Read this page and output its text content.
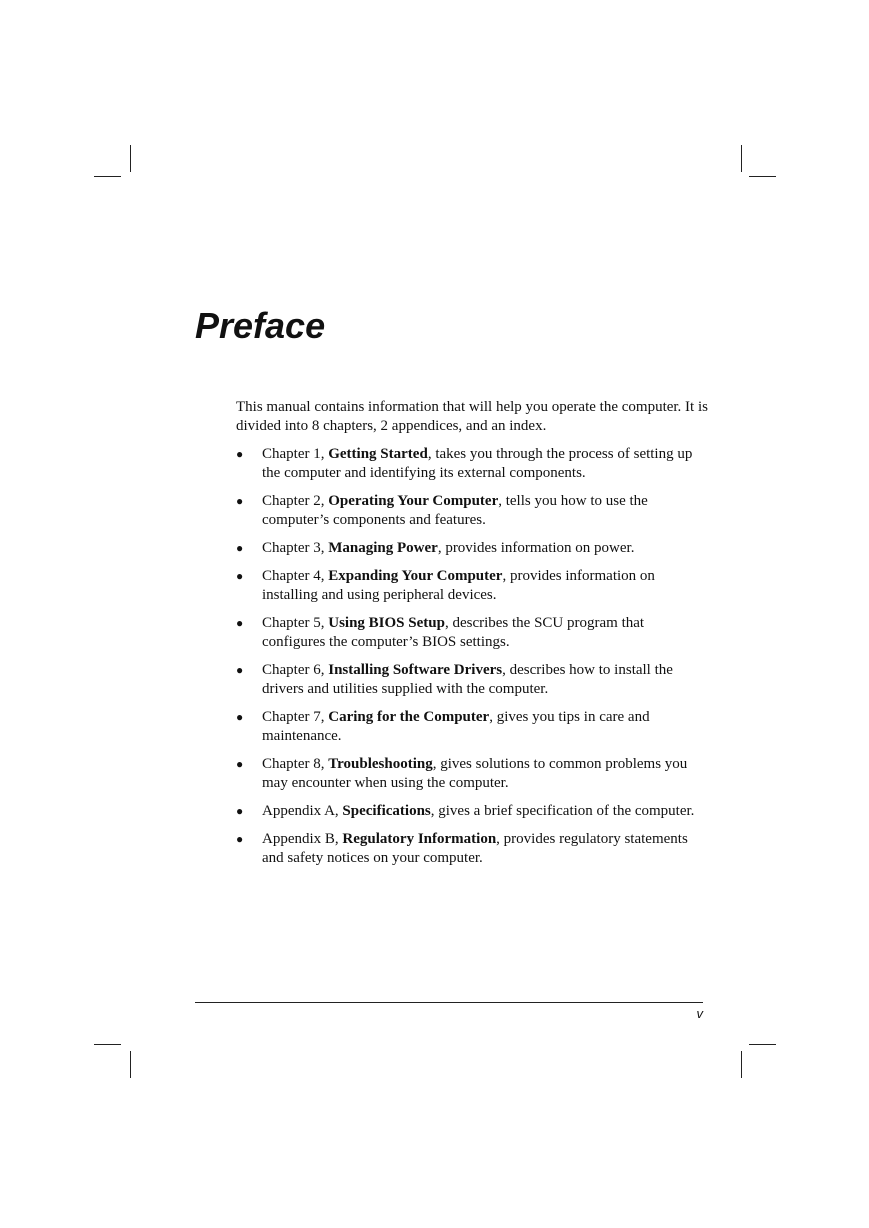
Preface

This manual contains information that will help you operate the computer. It is divided into 8 chapters, 2 appendices, and an index.

● Chapter 1, Getting Started, takes you through the process of setting up the computer and identifying its external components.
● Chapter 2, Operating Your Computer, tells you how to use the computer’s components and features.
● Chapter 3, Managing Power, provides information on power.
● Chapter 4, Expanding Your Computer, provides information on installing and using peripheral devices.
● Chapter 5, Using BIOS Setup, describes the SCU program that configures the computer’s BIOS settings.
● Chapter 6, Installing Software Drivers, describes how to install the drivers and utilities supplied with the computer.
● Chapter 7, Caring for the Computer, gives you tips in care and maintenance.
● Chapter 8, Troubleshooting, gives solutions to common problems you may encounter when using the computer.
● Appendix A, Specifications, gives a brief specification of the computer.
● Appendix B, Regulatory Information, provides regulatory statements and safety notices on your computer.
v
